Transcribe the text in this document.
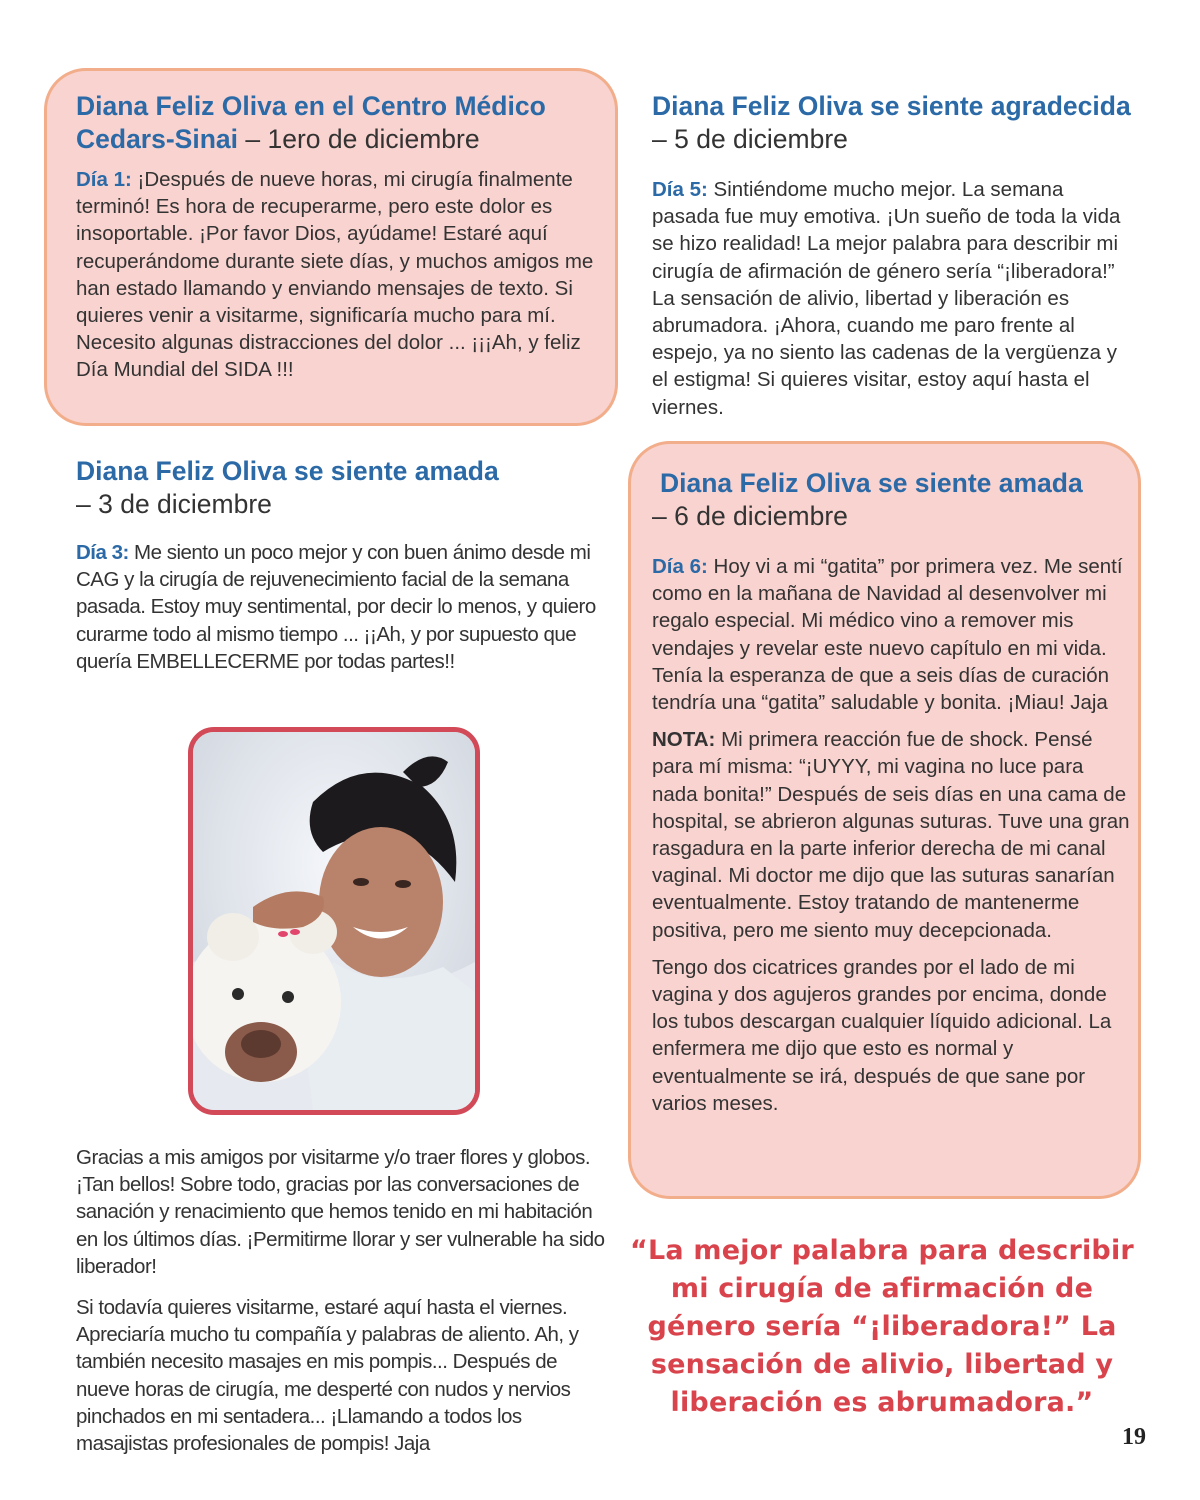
Diana Feliz Oliva en el Centro Médico Cedars-Sinai – 1ero de diciembre

Día 1: ¡Después de nueve horas, mi cirugía finalmente terminó! Es hora de recuperarme, pero este dolor es insoportable. ¡Por favor Dios, ayúdame! Estaré aquí recuperándome durante siete días, y muchos amigos me han estado llamando y enviando mensajes de texto. Si quieres venir a visitarme, significaría mucho para mí. Necesito algunas distracciones del dolor ... ¡¡¡Ah, y feliz Día Mundial del SIDA !!!

Diana Feliz Oliva se siente amada
– 3 de diciembre

Día 3: Me siento un poco mejor y con buen ánimo desde mi CAG y la cirugía de rejuvenecimiento facial de la semana pasada. Estoy muy sentimental, por decir lo menos, y quiero curarme todo al mismo tiempo ... ¡¡Ah, y por supuesto que quería EMBELLECERME por todas partes!!

Gracias a mis amigos por visitarme y/o traer flores y globos. ¡Tan bellos! Sobre todo, gracias por las conversaciones de sanación y renacimiento que hemos tenido en mi habitación en los últimos días. ¡Permitirme llorar y ser vulnerable ha sido liberador!

Si todavía quieres visitarme, estaré aquí hasta el viernes. Apreciaría mucho tu compañía y palabras de aliento. Ah, y también necesito masajes en mis pompis... Después de nueve horas de cirugía, me desperté con nudos y nervios pinchados en mi sentadera... ¡Llamando a todos los masajistas profesionales de pompis! Jaja

Diana Feliz Oliva se siente agradecida – 5 de diciembre

Día 5: Sintiéndome mucho mejor. La semana pasada fue muy emotiva. ¡Un sueño de toda la vida se hizo realidad! La mejor palabra para describir mi cirugía de afirmación de género sería “¡liberadora!” La sensación de alivio, libertad y liberación es abrumadora. ¡Ahora, cuando me paro frente al espejo, ya no siento las cadenas de la vergüenza y el estigma! Si quieres visitar, estoy aquí hasta el viernes.

Diana Feliz Oliva se siente amada
– 6 de diciembre

Día 6: Hoy vi a mi “gatita” por primera vez. Me sentí como en la mañana de Navidad al desenvolver mi regalo especial. Mi médico vino a remover mis vendajes y revelar este nuevo capítulo en mi vida. Tenía la esperanza de que a seis días de curación tendría una “gatita” saludable y bonita. ¡Miau! Jaja

NOTA: Mi primera reacción fue de shock. Pensé para mí misma: “¡UYYY, mi vagina no luce para nada bonita!” Después de seis días en una cama de hospital, se abrieron algunas suturas. Tuve una gran rasgadura en la parte inferior derecha de mi canal vaginal. Mi doctor me dijo que las suturas sanarían eventualmente. Estoy tratando de mantenerme positiva, pero me siento muy decepcionada.

Tengo dos cicatrices grandes por el lado de mi vagina y dos agujeros grandes por encima, donde los tubos descargan cualquier líquido adicional. La enfermera me dijo que esto es normal y eventualmente se irá, después de que sane por varios meses.

“La mejor palabra para describir mi cirugía de afirmación de género sería “¡liberadora!” La sensación de alivio, libertad y liberación es abrumadora.”
19
